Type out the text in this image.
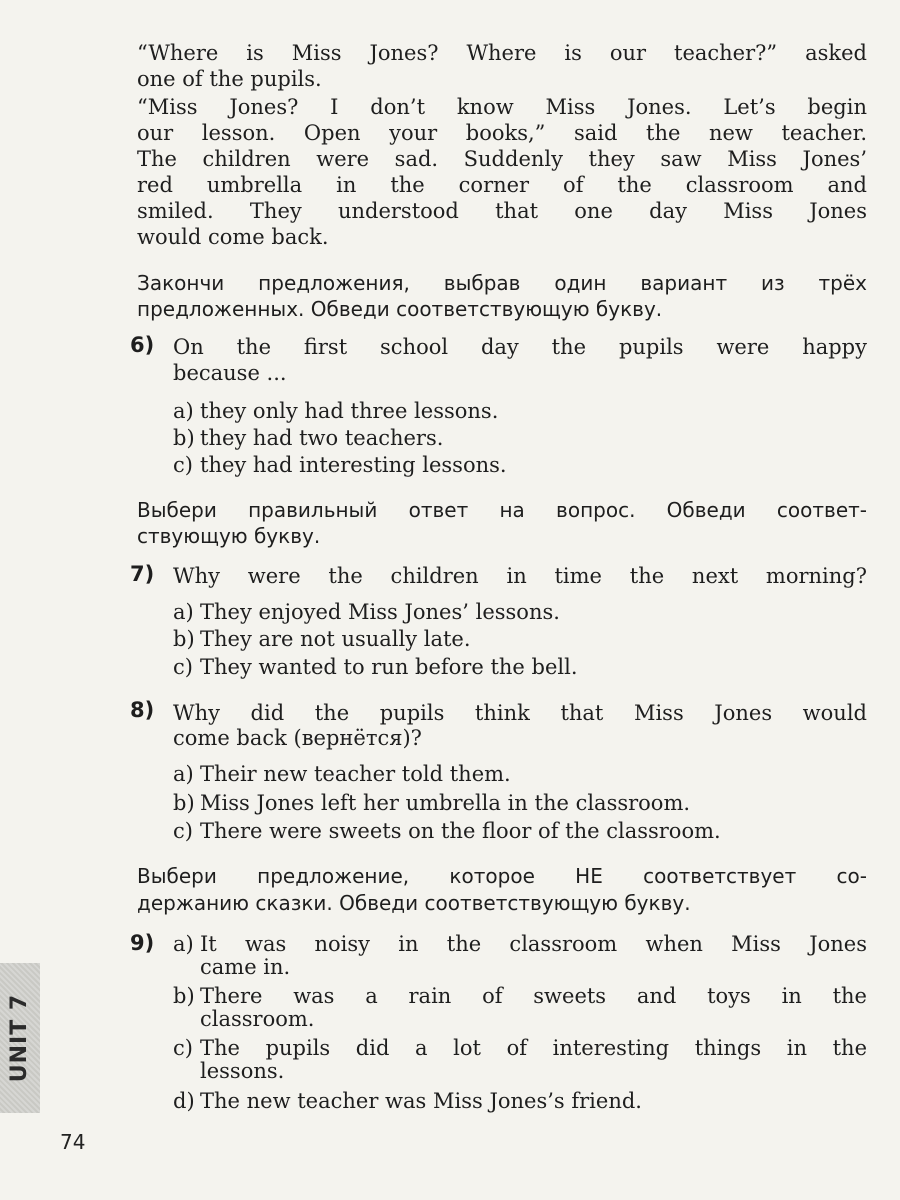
“Where is Miss Jones? Where is our teacher?” asked

one of the pupils.

“Miss Jones? I don’t know Miss Jones. Let’s begin

our lesson. Open your books,” said the new teacher.

The children were sad. Suddenly they saw Miss Jones’

red umbrella in the corner of the classroom and

smiled. They understood that one day Miss Jones

would come back.

Закончи предложения, выбрав один вариант из трёх

предложенных. Обведи соответствующую букву.

6) On the first school day the pupils were happy

because ...

a) they only had three lessons.
b) they had two teachers.
c) they had interesting lessons.

Выбери правильный ответ на вопрос. Обведи соответ-

ствующую букву.

7) Why were the children in time the next morning?

a) They enjoyed Miss Jones’ lessons.
b) They are not usually late.
c) They wanted to run before the bell.
8) Why did the pupils think that Miss Jones would

come back (вернётся)?

a) Their new teacher told them.
b) Miss Jones left her umbrella in the classroom.
c) There were sweets on the floor of the classroom.

Выбери предложение, которое НЕ соответствует со-

держанию сказки. Обведи соответствующую букву.

9) a) It was noisy in the classroom when Miss Jones
came in.
b) There was a rain of sweets and toys in the
classroom.
c) The pupils did a lot of interesting things in the
lessons.
d) The new teacher was Miss Jones’s friend.
UNIT 7
74
